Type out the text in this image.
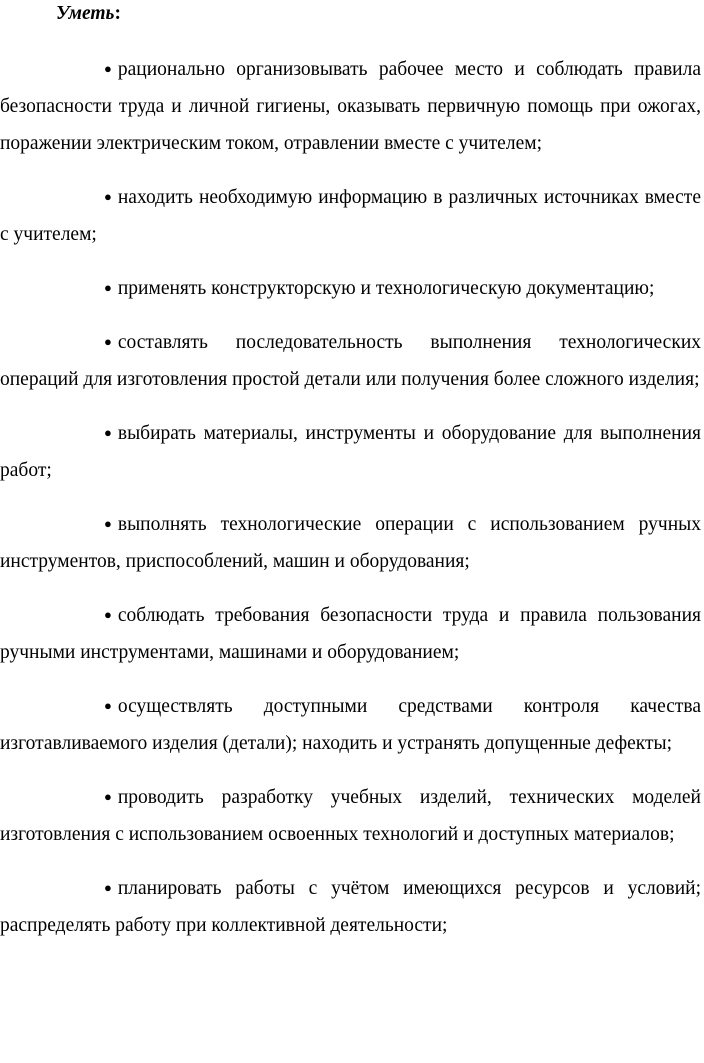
Уметь:

● рационально организовывать рабочее место и соблюдать правила безопасности труда и личной гигиены, оказывать первичную помощь при ожогах, поражении электрическим током, отравлении вместе с учителем;

● находить необходимую информацию в различных источниках вместе с учителем;

● применять конструкторскую и технологическую документацию;

● составлять последовательность выполнения технологических операций для изготовления простой детали или получения более сложного изделия;

● выбирать материалы, инструменты и оборудование для выполнения работ;

● выполнять технологические операции с использованием ручных инструментов, приспособлений, машин и оборудования;

● соблюдать требования безопасности труда и правила пользования ручными инструментами, машинами и оборудованием;

● осуществлять доступными средствами контроля качества изготавливаемого изделия (детали); находить и устранять допущенные дефекты;

● проводить разработку учебных изделий, технических моделей изготовления с использованием освоенных технологий и доступных материалов;

● планировать работы с учётом имеющихся ресурсов и условий; распределять работу при коллективной деятельности;
